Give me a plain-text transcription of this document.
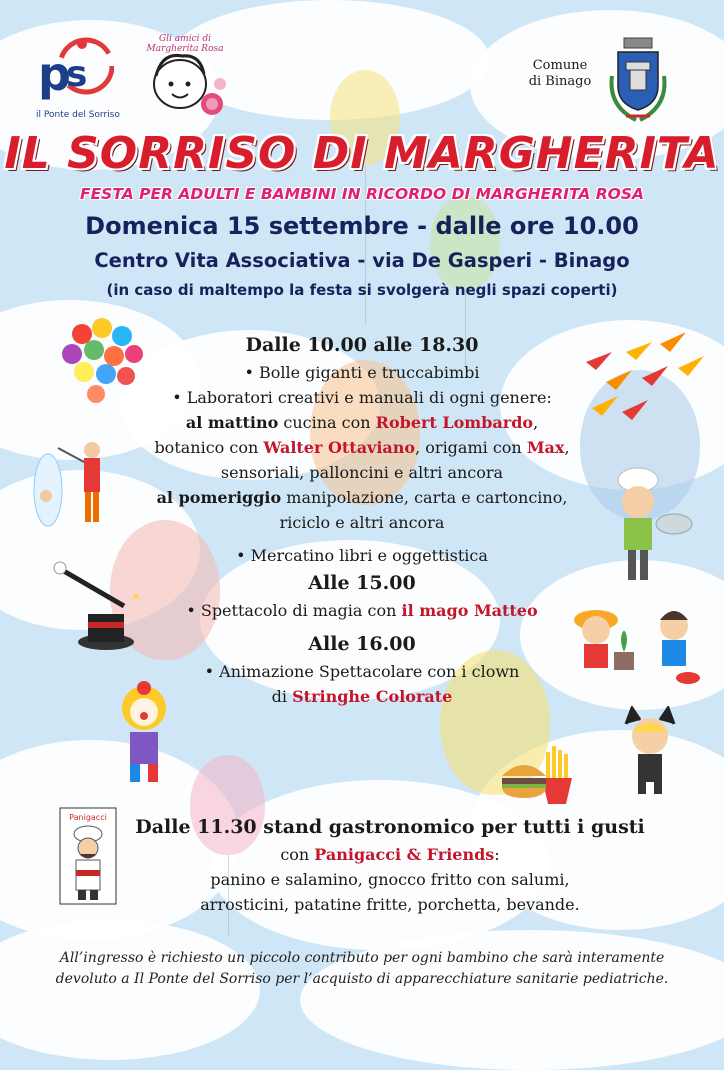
p
s
il Ponte del Sorriso
Gli amici di Margherita Rosa
Comune
di Binago
IL SORRISO DI MARGHERITA
FESTA PER ADULTI E BAMBINI IN RICORDO DI MARGHERITA ROSA
Domenica 15 settembre - dalle ore 10.00
Centro Vita Associativa - via De Gasperi - Binago
(in caso di maltempo la festa si svolgerà negli spazi coperti)
Panigacci
Dalle 10.00 alle 18.30
• Bolle giganti e truccabimbi
• Laboratori creativi e manuali di ogni genere:
al mattino cucina con Robert Lombardo,
botanico con Walter Ottaviano, origami con Max,
sensoriali, palloncini e altri ancora
al pomeriggio manipolazione, carta e cartoncino,
riciclo e altri ancora
• Mercatino libri e oggettistica
Alle 15.00
• Spettacolo di magia con il mago Matteo
Alle 16.00
• Animazione Spettacolare con i clown
di Stringhe Colorate
Dalle 11.30 stand gastronomico per tutti i gusti
con Panigacci & Friends:
panino e salamino, gnocco fritto con salumi,
arrosticini, patatine fritte, porchetta, bevande.
All’ingresso è richiesto un piccolo contributo per ogni bambino che sarà interamente
devoluto a Il Ponte del Sorriso per l’acquisto di apparecchiature sanitarie pediatriche.
